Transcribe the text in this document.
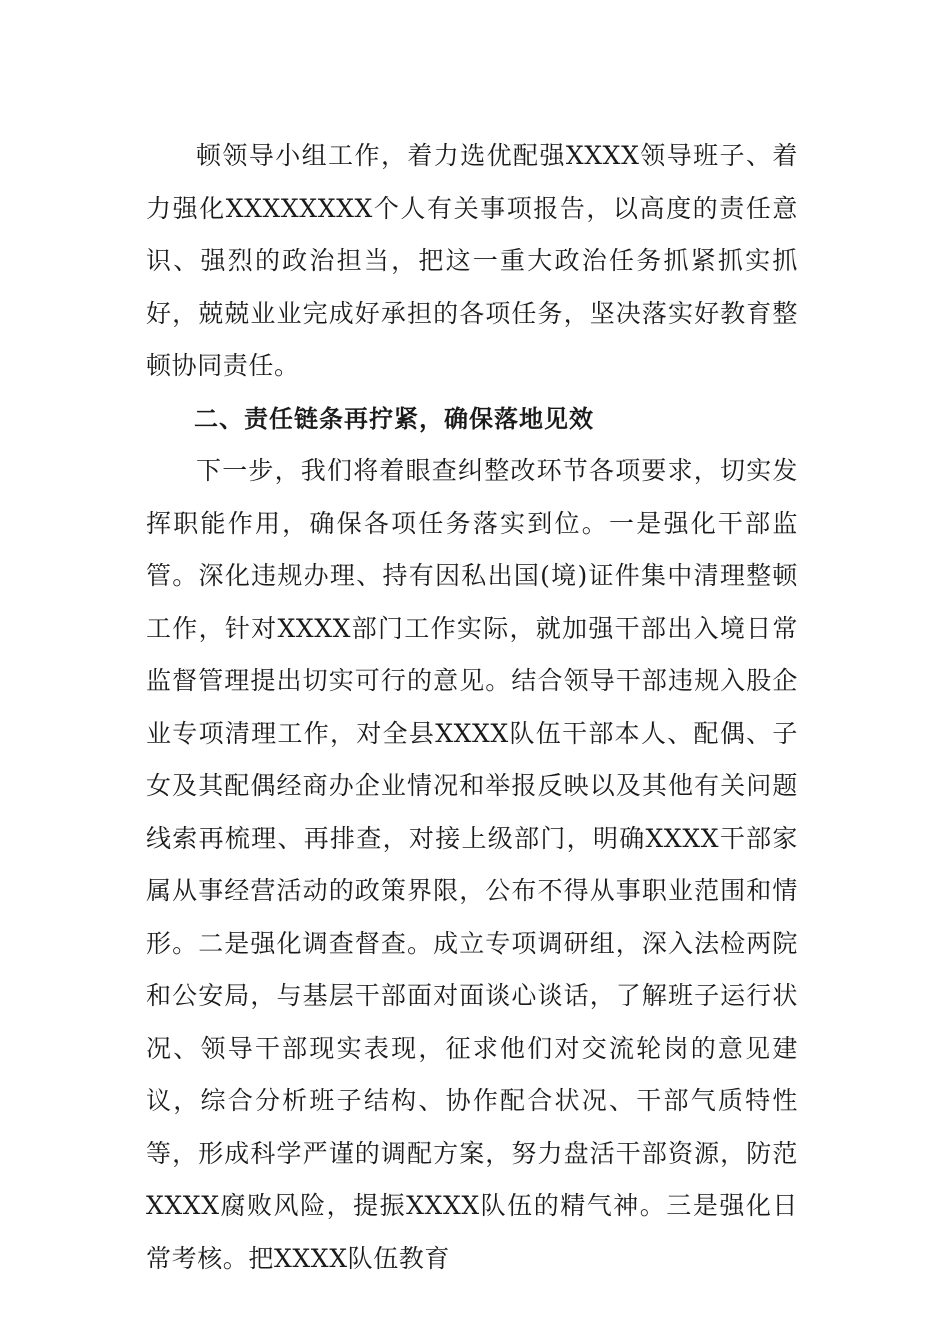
顿领导小组工作，着力选优配强XXXX领导班子、着力强化XXXXXXXX个人有关事项报告，以高度的责任意识、强烈的政治担当，把这一重大政治任务抓紧抓实抓好，兢兢业业完成好承担的各项任务，坚决落实好教育整顿协同责任。

二、责任链条再拧紧，确保落地见效

下一步，我们将着眼查纠整改环节各项要求，切实发挥职能作用，确保各项任务落实到位。一是强化干部监管。深化违规办理、持有因私出国(境)证件集中清理整顿工作，针对XXXX部门工作实际，就加强干部出入境日常监督管理提出切实可行的意见。结合领导干部违规入股企业专项清理工作，对全县XXXX队伍干部本人、配偶、子女及其配偶经商办企业情况和举报反映以及其他有关问题线索再梳理、再排查，对接上级部门，明确XXXX干部家属从事经营活动的政策界限，公布不得从事职业范围和情形。二是强化调查督查。成立专项调研组，深入法检两院和公安局，与基层干部面对面谈心谈话，了解班子运行状况、领导干部现实表现，征求他们对交流轮岗的意见建议，综合分析班子结构、协作配合状况、干部气质特性等，形成科学严谨的调配方案，努力盘活干部资源，防范XXXX腐败风险，提振XXXX队伍的精气神。三是强化日常考核。把XXXX队伍教育
